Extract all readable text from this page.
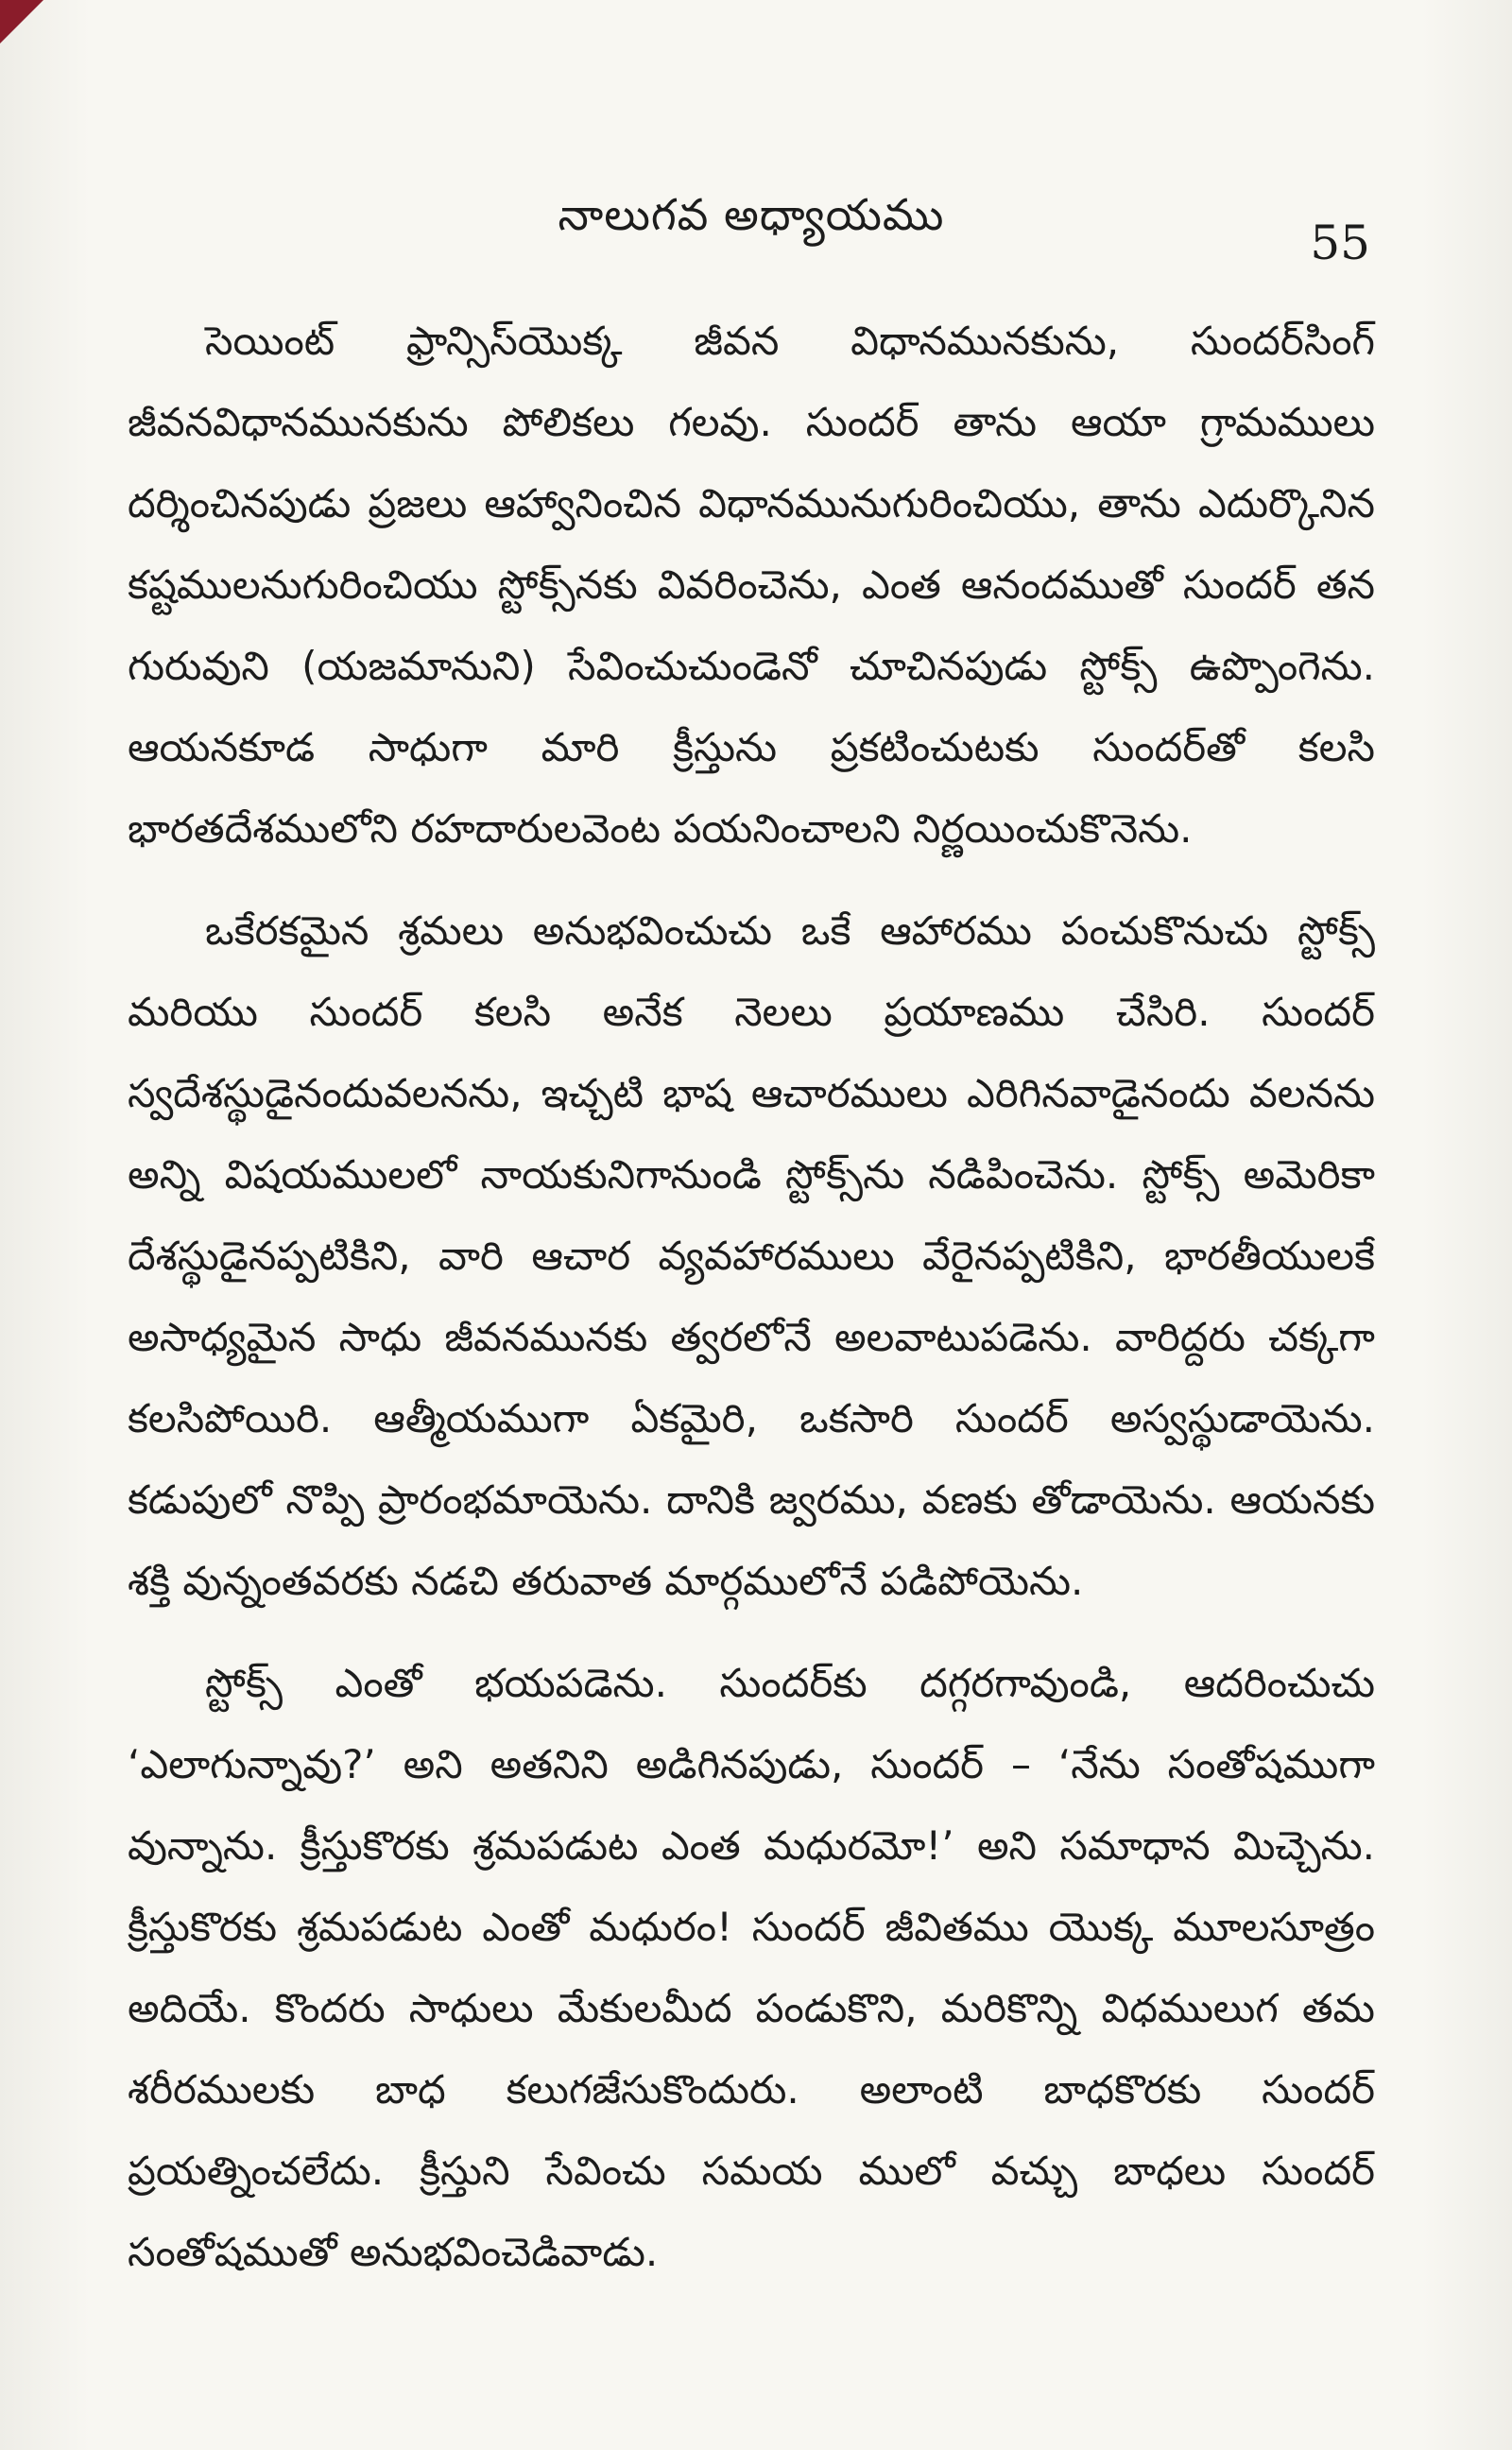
నాలుగవ అధ్యాయము
55

సెయింట్ ఫ్రాన్సిస్‌యొక్క జీవన విధానమునకును, సుందర్‌సింగ్ జీవనవిధానమునకును పోలికలు గలవు. సుందర్ తాను ఆయా గ్రామములు దర్శించినపుడు ప్రజలు ఆహ్వానించిన విధానమునుగురించియు, తాను ఎదుర్కొనిన కష్టములనుగురించియు స్టోక్స్‌నకు వివరించెను, ఎంత ఆనందముతో సుందర్ తన గురువుని (యజమానుని) సేవించుచుండెనో చూచినపుడు స్టోక్స్ ఉప్పొంగెను. ఆయనకూడ సాధుగా మారి క్రీస్తును ప్రకటించుటకు సుందర్‌తో కలసి భారతదేశములోని రహదారులవెంట పయనించాలని నిర్ణయించుకొనెను.

ఒకేరకమైన శ్రమలు అనుభవించుచు ఒకే ఆహారము పంచుకొనుచు స్టోక్స్ మరియు సుందర్ కలసి అనేక నెలలు ప్రయాణము చేసిరి. సుందర్ స్వదేశస్థుడైనందువలనను, ఇచ్చటి భాష ఆచారములు ఎరిగినవాడైనందు వలనను అన్ని విషయములలో నాయకునిగానుండి స్టోక్స్‌ను నడిపించెను. స్టోక్స్ అమెరికా దేశస్థుడైనప్పటికిని, వారి ఆచార వ్యవహారములు వేరైనప్పటికిని, భారతీయులకే అసాధ్యమైన సాధు జీవనమునకు త్వరలోనే అలవాటుపడెను. వారిద్దరు చక్కగా కలసిపోయిరి. ఆత్మీయముగా ఏకమైరి, ఒకసారి సుందర్ అస్వస్థుడాయెను. కడుపులో నొప్పి ప్రారంభమాయెను. దానికి జ్వరము, వణకు తోడాయెను. ఆయనకు శక్తి వున్నంతవరకు నడచి తరువాత మార్గములోనే పడిపోయెను.

స్టోక్స్ ఎంతో భయపడెను. సుందర్‌కు దగ్గరగావుండి, ఆదరించుచు ‘ఎలాగున్నావు?’ అని అతనిని అడిగినపుడు, సుందర్ – ‘నేను సంతోషముగా వున్నాను. క్రీస్తుకొరకు శ్రమపడుట ఎంత మధురమో!’ అని సమాధాన మిచ్చెను. క్రీస్తుకొరకు శ్రమపడుట ఎంతో మధురం! సుందర్ జీవితము యొక్క మూలసూత్రం అదియే. కొందరు సాధులు మేకులమీద పండుకొని, మరికొన్ని విధములుగ తమ శరీరములకు బాధ కలుగజేసుకొందురు. అలాంటి బాధకొరకు సుందర్ ప్రయత్నించలేదు. క్రీస్తుని సేవించు సమయ ములో వచ్చు బాధలు సుందర్ సంతోషముతో అనుభవించెడివాడు.
